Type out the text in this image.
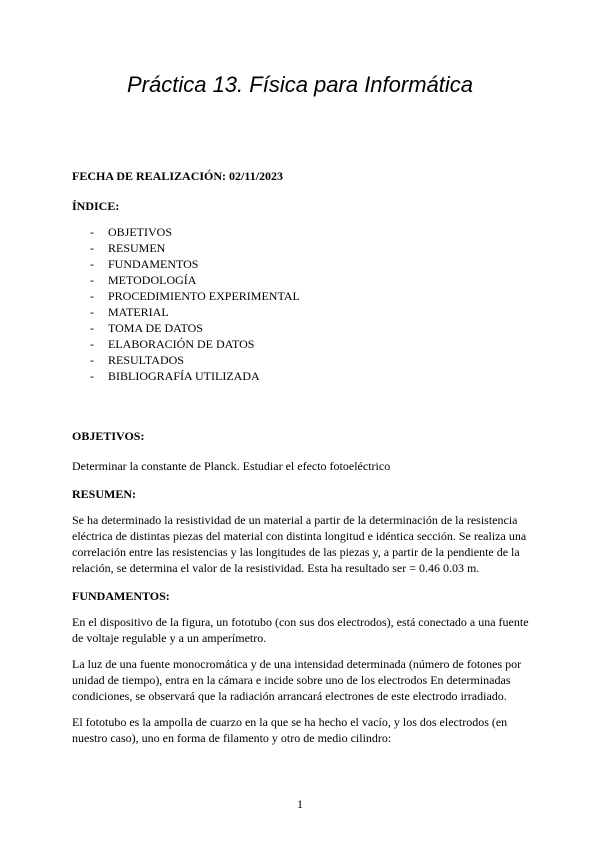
Práctica 13. Física para Informática

FECHA DE REALIZACIÓN: 02/11/2023

ÍNDICE:

- OBJETIVOS
- RESUMEN
- FUNDAMENTOS
- METODOLOGÍA
- PROCEDIMIENTO EXPERIMENTAL
- MATERIAL
- TOMA DE DATOS
- ELABORACIÓN DE DATOS
- RESULTADOS
- BIBLIOGRAFÍA UTILIZADA

OBJETIVOS:

Determinar la constante de Planck. Estudiar el efecto fotoeléctrico

RESUMEN:

Se ha determinado la resistividad de un material a partir de la determinación de la resistencia eléctrica de distintas piezas del material con distinta longitud e idéntica sección. Se realiza una correlación entre las resistencias y las longitudes de las piezas y, a partir de la pendiente de la relación, se determina el valor de la resistividad. Esta ha resultado ser = 0.46 0.03 m.

FUNDAMENTOS:

En el dispositivo de la figura, un fototubo (con sus dos electrodos), está conectado a una fuente de voltaje regulable y a un amperímetro.

La luz de una fuente monocromática y de una intensidad determinada (número de fotones por unidad de tiempo), entra en la cámara e incide sobre uno de los electrodos En determinadas condiciones, se observará que la radiación arrancará electrones de este electrodo irradiado.

El fototubo es la ampolla de cuarzo en la que se ha hecho el vacío, y los dos electrodos (en nuestro caso), uno en forma de filamento y otro de medio cilindro:

1
